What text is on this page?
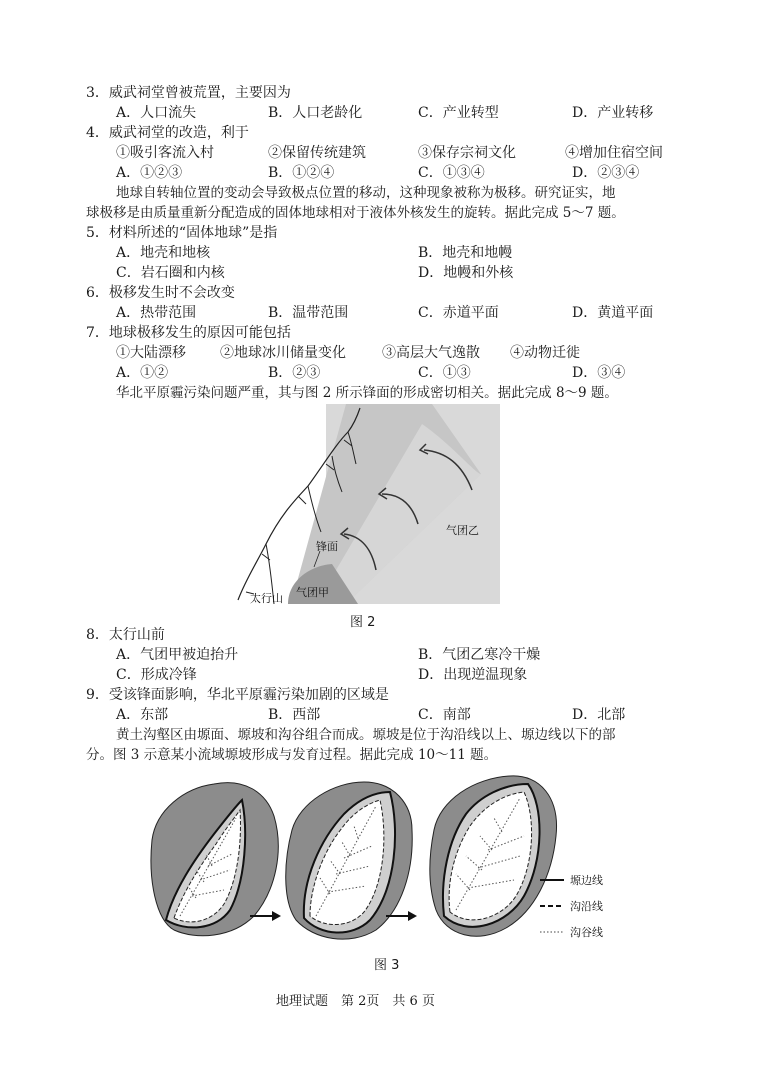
3．威武祠堂曾被荒置，主要因为
A．人口流失	B．人口老龄化	C．产业转型	D．产业转移
4．威武祠堂的改造，利于
①吸引客流入村	②保留传统建筑	③保存宗祠文化	④增加住宿空间
A．①②③	B．①②④	C．①③④	D．②③④
地球自转轴位置的变动会导致极点位置的移动，这种现象被称为极移。研究证实，地
球极移是由质量重新分配造成的固体地球相对于液体外核发生的旋转。据此完成 5～7 题。
5．材料所述的“固体地球”是指
A．地壳和地核	B．地壳和地幔
C．岩石圈和内核	D．地幔和外核
6．极移发生时不会改变
A．热带范围	B．温带范围	C．赤道平面	D．黄道平面
7．地球极移发生的原因可能包括
①大陆漂移 ②地球冰川储量变化	③高层大气逸散 ④动物迁徙
A．①②	B．②③	C．①③	D．③④
华北平原霾污染问题严重，其与图 2 所示锋面的形成密切相关。据此完成 8～9 题。
锋面
气团乙
气团甲
太行山
图 2
8．太行山前
A．气团甲被迫抬升	B．气团乙寒冷干燥
C．形成冷锋	D．出现逆温现象
9．受该锋面影响，华北平原霾污染加剧的区域是
A．东部	B．西部	C．南部	D．北部
黄土沟壑区由塬面、塬坡和沟谷组合而成。塬坡是位于沟沿线以上、塬边线以下的部
分。图 3 示意某小流域塬坡形成与发育过程。据此完成 10～11 题。
塬边线
沟沿线
沟谷线
图 3
地理试题　第 2页　共 6 页
